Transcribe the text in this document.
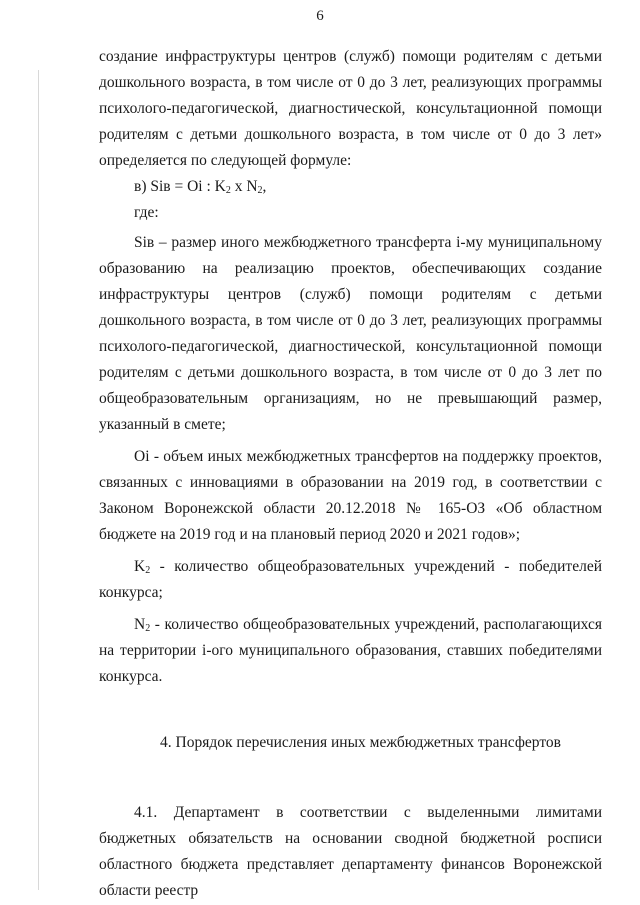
6

создание инфраструктуры центров (служб) помощи родителям с детьми дошкольного возраста, в том числе от 0 до 3 лет, реализующих программы психолого-педагогической, диагностической, консультационной помощи родителям с детьми дошкольного возраста, в том числе от 0 до 3 лет» определяется по следующей формуле:

в) Siв = Oi : $K_2$ x $N_2$,

где:

Siв – размер иного межбюджетного трансферта i-му муниципальному образованию на реализацию проектов, обеспечивающих создание инфраструктуры центров (служб) помощи родителям с детьми дошкольного возраста, в том числе от 0 до 3 лет, реализующих программы психолого-педагогической, диагностической, консультационной помощи родителям с детьми дошкольного возраста, в том числе от 0 до 3 лет по общеобразовательным организациям, но не превышающий размер, указанный в смете;

Oi - объем иных межбюджетных трансфертов на поддержку проектов, связанных с инновациями в образовании на 2019 год, в соответствии с Законом Воронежской области 20.12.2018 № 165-ОЗ «Об областном бюджете на 2019 год и на плановый период 2020 и 2021 годов»;

$K_2$ - количество общеобразовательных учреждений - победителей конкурса;

$N_2$ - количество общеобразовательных учреждений, располагающихся на территории i-ого муниципального образования, ставших победителями конкурса.

4. Порядок перечисления иных межбюджетных трансфертов

4.1. Департамент в соответствии с выделенными лимитами бюджетных обязательств на основании сводной бюджетной росписи областного бюджета представляет департаменту финансов Воронежской области реестр
